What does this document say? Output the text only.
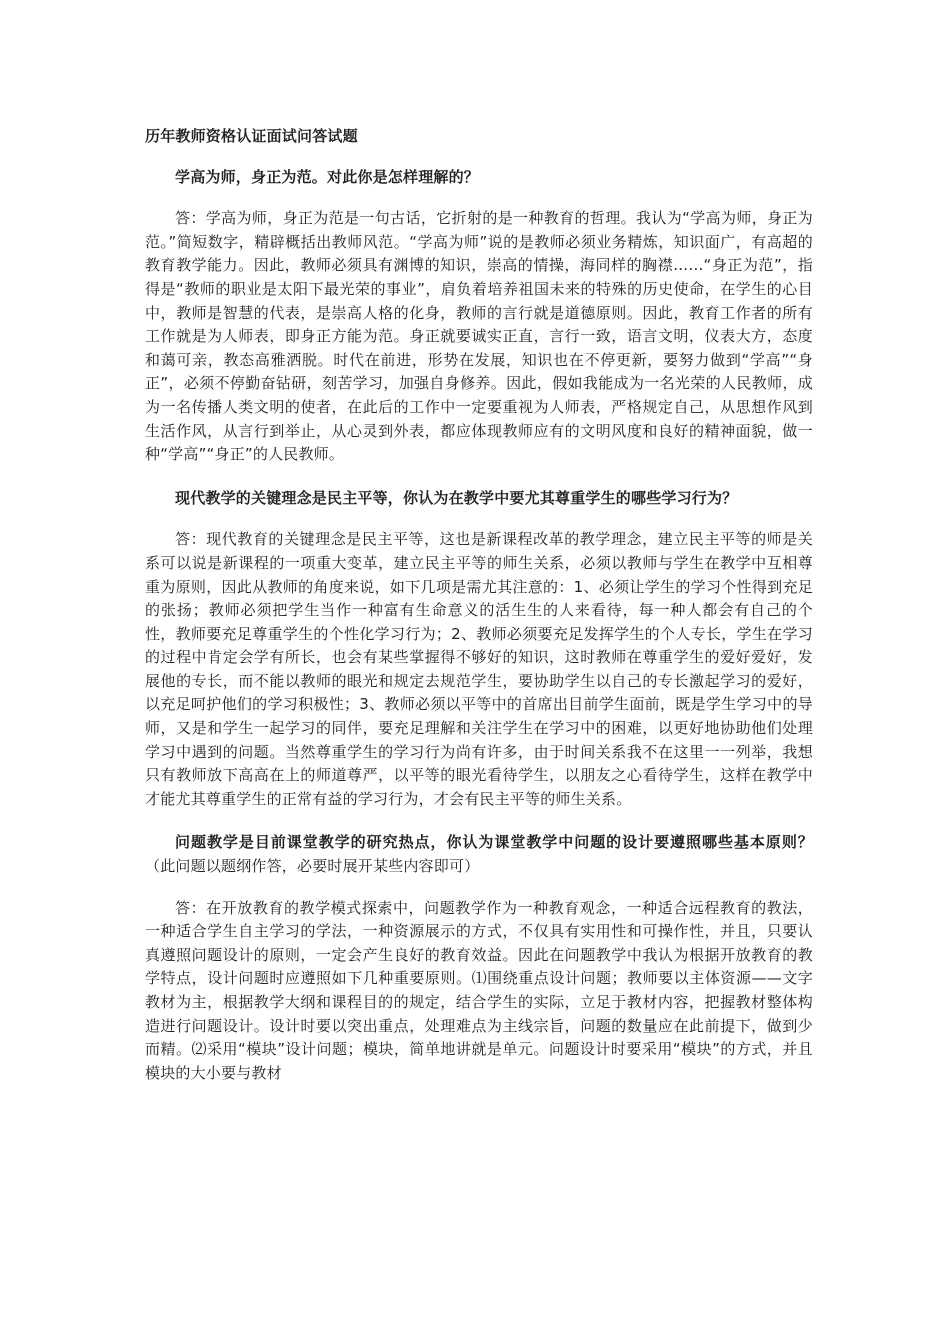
历年教师资格认证面试问答试题

学高为师，身正为范。对此你是怎样理解的？

答：学高为师，身正为范是一句古话，它折射的是一种教育的哲理。我认为“学高为师，身正为范。”简短数字，精辟概括出教师风范。“学高为师”说的是教师必须业务精炼，知识面广，有高超的教育教学能力。因此，教师必须具有渊博的知识，崇高的情操，海同样的胸襟……“身正为范”，指得是“教师的职业是太阳下最光荣的事业”，肩负着培养祖国未来的特殊的历史使命，在学生的心目中，教师是智慧的代表，是崇高人格的化身，教师的言行就是道德原则。因此，教育工作者的所有工作就是为人师表，即身正方能为范。身正就要诚实正直，言行一致，语言文明，仪表大方，态度和蔼可亲，教态高雅洒脱。时代在前进，形势在发展，知识也在不停更新，要努力做到“学高”“身正”，必须不停勤奋钻研，刻苦学习，加强自身修养。因此，假如我能成为一名光荣的人民教师，成为一名传播人类文明的使者，在此后的工作中一定要重视为人师表，严格规定自己，从思想作风到生活作风，从言行到举止，从心灵到外表，都应体现教师应有的文明风度和良好的精神面貌，做一种“学高”“身正”的人民教师。

现代教学的关键理念是民主平等，你认为在教学中要尤其尊重学生的哪些学习行为？

答：现代教育的关键理念是民主平等，这也是新课程改革的教学理念，建立民主平等的师是关系可以说是新课程的一项重大变革，建立民主平等的师生关系，必须以教师与学生在教学中互相尊重为原则，因此从教师的角度来说，如下几项是需尤其注意的：1、必须让学生的学习个性得到充足的张扬；教师必须把学生当作一种富有生命意义的活生生的人来看待，每一种人都会有自己的个性，教师要充足尊重学生的个性化学习行为；2、教师必须要充足发挥学生的个人专长，学生在学习的过程中肯定会学有所长，也会有某些掌握得不够好的知识，这时教师在尊重学生的爱好爱好，发展他的专长，而不能以教师的眼光和规定去规范学生，要协助学生以自己的专长激起学习的爱好，以充足呵护他们的学习积极性；3、教师必须以平等中的首席出目前学生面前，既是学生学习中的导师，又是和学生一起学习的同伴，要充足理解和关注学生在学习中的困难，以更好地协助他们处理学习中遇到的问题。当然尊重学生的学习行为尚有许多，由于时间关系我不在这里一一列举，我想只有教师放下高高在上的师道尊严，以平等的眼光看待学生，以朋友之心看待学生，这样在教学中才能尤其尊重学生的正常有益的学习行为，才会有民主平等的师生关系。

问题教学是目前课堂教学的研究热点，你认为课堂教学中问题的设计要遵照哪些基本原则？（此问题以题纲作答，必要时展开某些内容即可）

答：在开放教育的教学模式探索中，问题教学作为一种教育观念，一种适合远程教育的教法，一种适合学生自主学习的学法，一种资源展示的方式，不仅具有实用性和可操作性，并且，只要认真遵照问题设计的原则，一定会产生良好的教育效益。因此在问题教学中我认为根据开放教育的教学特点，设计问题时应遵照如下几种重要原则。⑴围绕重点设计问题；教师要以主体资源——文字教材为主，根据教学大纲和课程目的的规定，结合学生的实际，立足于教材内容，把握教材整体构造进行问题设计。设计时要以突出重点，处理难点为主线宗旨，问题的数量应在此前提下，做到少而精。⑵采用“模块”设计问题；模块，简单地讲就是单元。问题设计时要采用“模块”的方式，并且模块的大小要与教材
